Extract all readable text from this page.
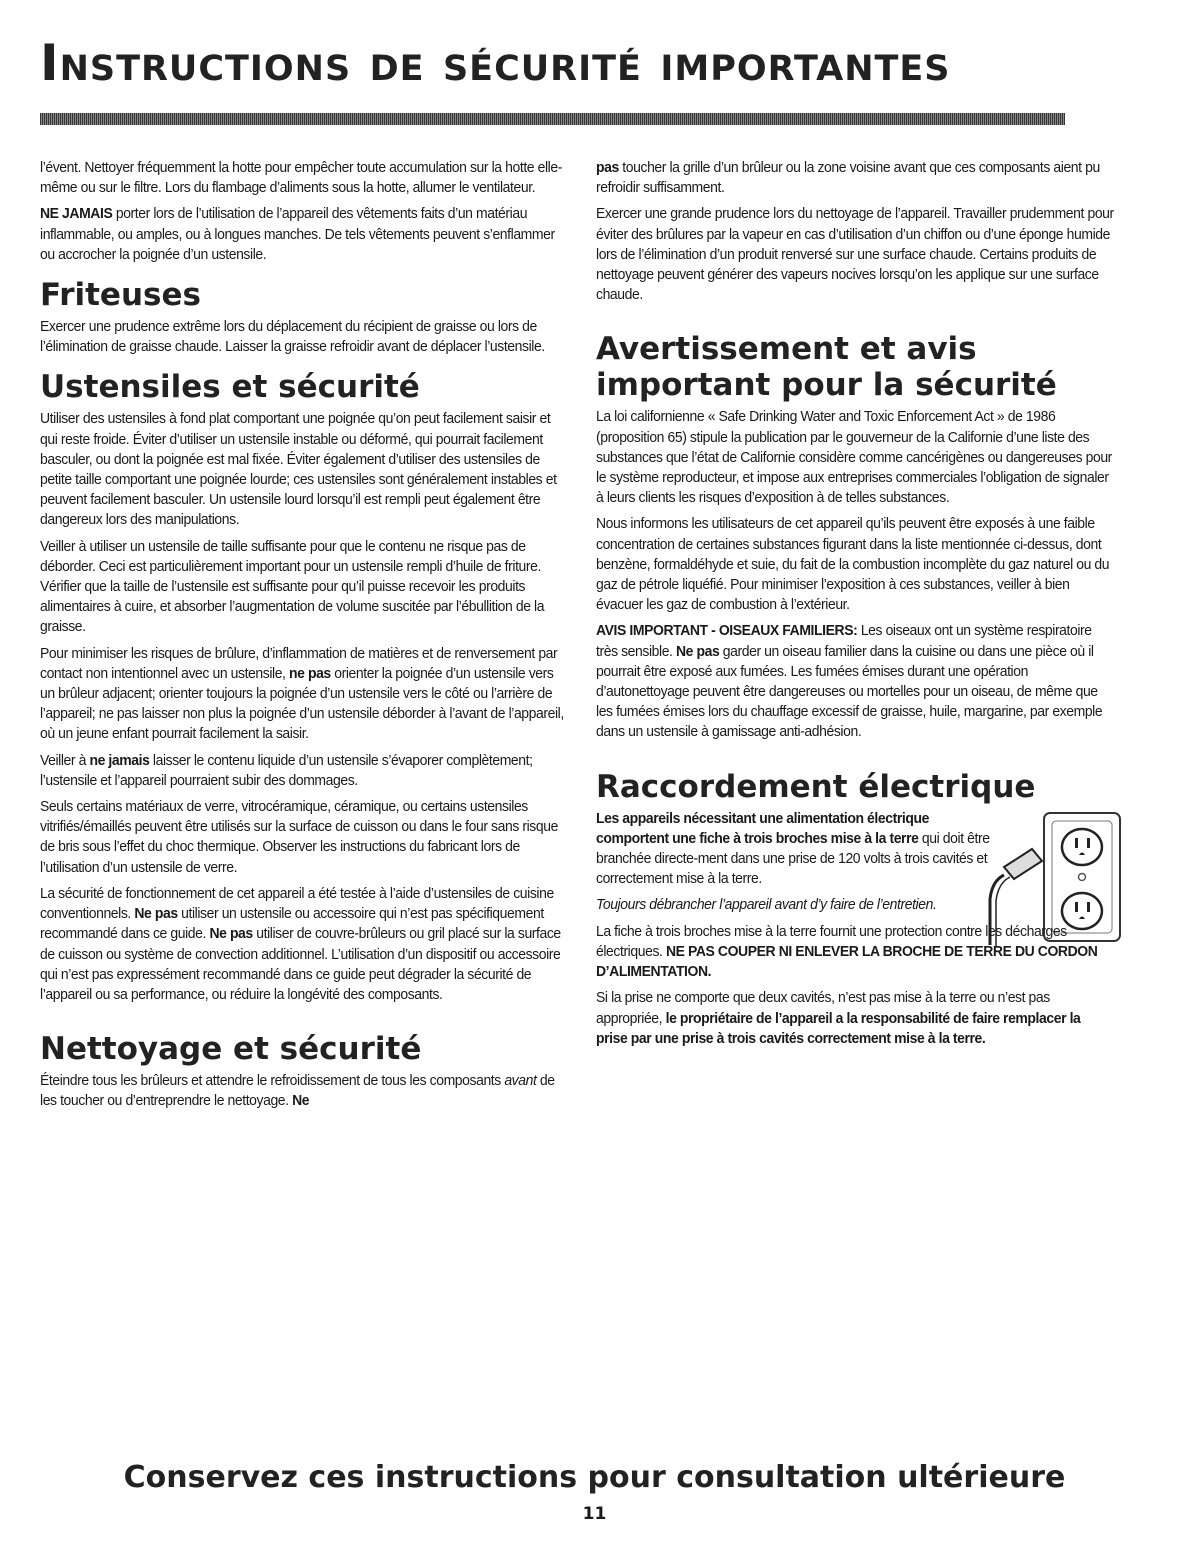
Instructions de sécurité importantes

l’évent. Nettoyer fréquemment la hotte pour empêcher toute accumulation sur la hotte elle-même ou sur le filtre. Lors du flambage d’aliments sous la hotte, allumer le ventilateur.

NE JAMAIS porter lors de l’utilisation de l’appareil des vêtements faits d’un matériau inflammable, ou amples, ou à longues manches. De tels vêtements peuvent s’enflammer ou accrocher la poignée d’un ustensile.

Friteuses

Exercer une prudence extrême lors du déplacement du récipient de graisse ou lors de l’élimination de graisse chaude. Laisser la graisse refroidir avant de déplacer l’ustensile.

Ustensiles et sécurité

Utiliser des ustensiles à fond plat comportant une poignée qu’on peut facilement saisir et qui reste froide. Éviter d’utiliser un ustensile instable ou déformé, qui pourrait facilement basculer, ou dont la poignée est mal fixée. Éviter également d’utiliser des ustensiles de petite taille comportant une poignée lourde; ces ustensiles sont généralement instables et peuvent facilement basculer. Un ustensile lourd lorsqu’il est rempli peut également être dangereux lors des manipulations.

Veiller à utiliser un ustensile de taille suffisante pour que le contenu ne risque pas de déborder. Ceci est particulièrement important pour un ustensile rempli d’huile de friture. Vérifier que la taille de l’ustensile est suffisante pour qu’il puisse recevoir les produits alimentaires à cuire, et absorber l’augmentation de volume suscitée par l’ébullition de la graisse.

Pour minimiser les risques de brûlure, d’inflammation de matières et de renversement par contact non intentionnel avec un ustensile, ne pas orienter la poignée d’un ustensile vers un brûleur adjacent; orienter toujours la poignée d’un ustensile vers le côté ou l’arrière de l’appareil; ne pas laisser non plus la poignée d’un ustensile déborder à l’avant de l’appareil, où un jeune enfant pourrait facilement la saisir.

Veiller à ne jamais laisser le contenu liquide d’un ustensile s’évaporer complètement; l’ustensile et l’appareil pourraient subir des dommages.

Seuls certains matériaux de verre, vitrocéramique, céramique, ou certains ustensiles vitrifiés/émaillés peuvent être utilisés sur la surface de cuisson ou dans le four sans risque de bris sous l’effet du choc thermique. Observer les instructions du fabricant lors de l’utilisation d’un ustensile de verre.

La sécurité de fonctionnement de cet appareil a été testée à l’aide d’ustensiles de cuisine conventionnels. Ne pas utiliser un ustensile ou accessoire qui n’est pas spécifiquement recommandé dans ce guide. Ne pas utiliser de couvre-brûleurs ou gril placé sur la surface de cuisson ou système de convection additionnel. L’utilisation d’un dispositif ou accessoire qui n’est pas expressément recommandé dans ce guide peut dégrader la sécurité de l’appareil ou sa performance, ou réduire la longévité des composants.

Nettoyage et sécurité

Éteindre tous les brûleurs et attendre le refroidissement de tous les composants avant de les toucher ou d’entreprendre le nettoyage. Ne

pas toucher la grille d’un brûleur ou la zone voisine avant que ces composants aient pu refroidir suffisamment.

Exercer une grande prudence lors du nettoyage de l’appareil. Travailler prudemment pour éviter des brûlures par la vapeur en cas d’utilisation d’un chiffon ou d’une éponge humide lors de l’élimination d’un produit renversé sur une surface chaude. Certains produits de nettoyage peuvent générer des vapeurs nocives lorsqu’on les applique sur une surface chaude.

Avertissement et avis important pour la sécurité

La loi californienne « Safe Drinking Water and Toxic Enforcement Act » de 1986 (proposition 65) stipule la publication par le gouverneur de la Californie d’une liste des substances que l’état de Californie considère comme cancérigènes ou dangereuses pour le système reproducteur, et impose aux entreprises commerciales l’obligation de signaler à leurs clients les risques d’exposition à de telles substances.

Nous informons les utilisateurs de cet appareil qu’ils peuvent être exposés à une faible concentration de certaines substances figurant dans la liste mentionnée ci-dessus, dont benzène, formaldéhyde et suie, du fait de la combustion incomplète du gaz naturel ou du gaz de pétrole liquéfié. Pour minimiser l’exposition à ces substances, veiller à bien évacuer les gaz de combustion à l’extérieur.

AVIS IMPORTANT - OISEAUX FAMILIERS: Les oiseaux ont un système respiratoire très sensible. Ne pas garder un oiseau familier dans la cuisine ou dans une pièce où il pourrait être exposé aux fumées. Les fumées émises durant une opération d’autonettoyage peuvent être dangereuses ou mortelles pour un oiseau, de même que les fumées émises lors du chauffage excessif de graisse, huile, margarine, par exemple dans un ustensile à gamissage anti-adhésion.

Raccordement électrique

Les appareils nécessitant une alimentation électrique comportent une fiche à trois broches mise à la terre qui doit être branchée directe-ment dans une prise de 120 volts à trois cavités et correctement mise à la terre.

Toujours débrancher l’appareil avant d’y faire de l’entretien.

La fiche à trois broches mise à la terre fournit une protection contre les décharges électriques. NE PAS COUPER NI ENLEVER LA BROCHE DE TERRE DU CORDON D’ALIMENTATION.

Si la prise ne comporte que deux cavités, n’est pas mise à la terre ou n’est pas appropriée, le propriétaire de l’appareil a la responsabilité de faire remplacer la prise par une prise à trois cavités correctement mise à la terre.

Conservez ces instructions pour consultation ultérieure
11
